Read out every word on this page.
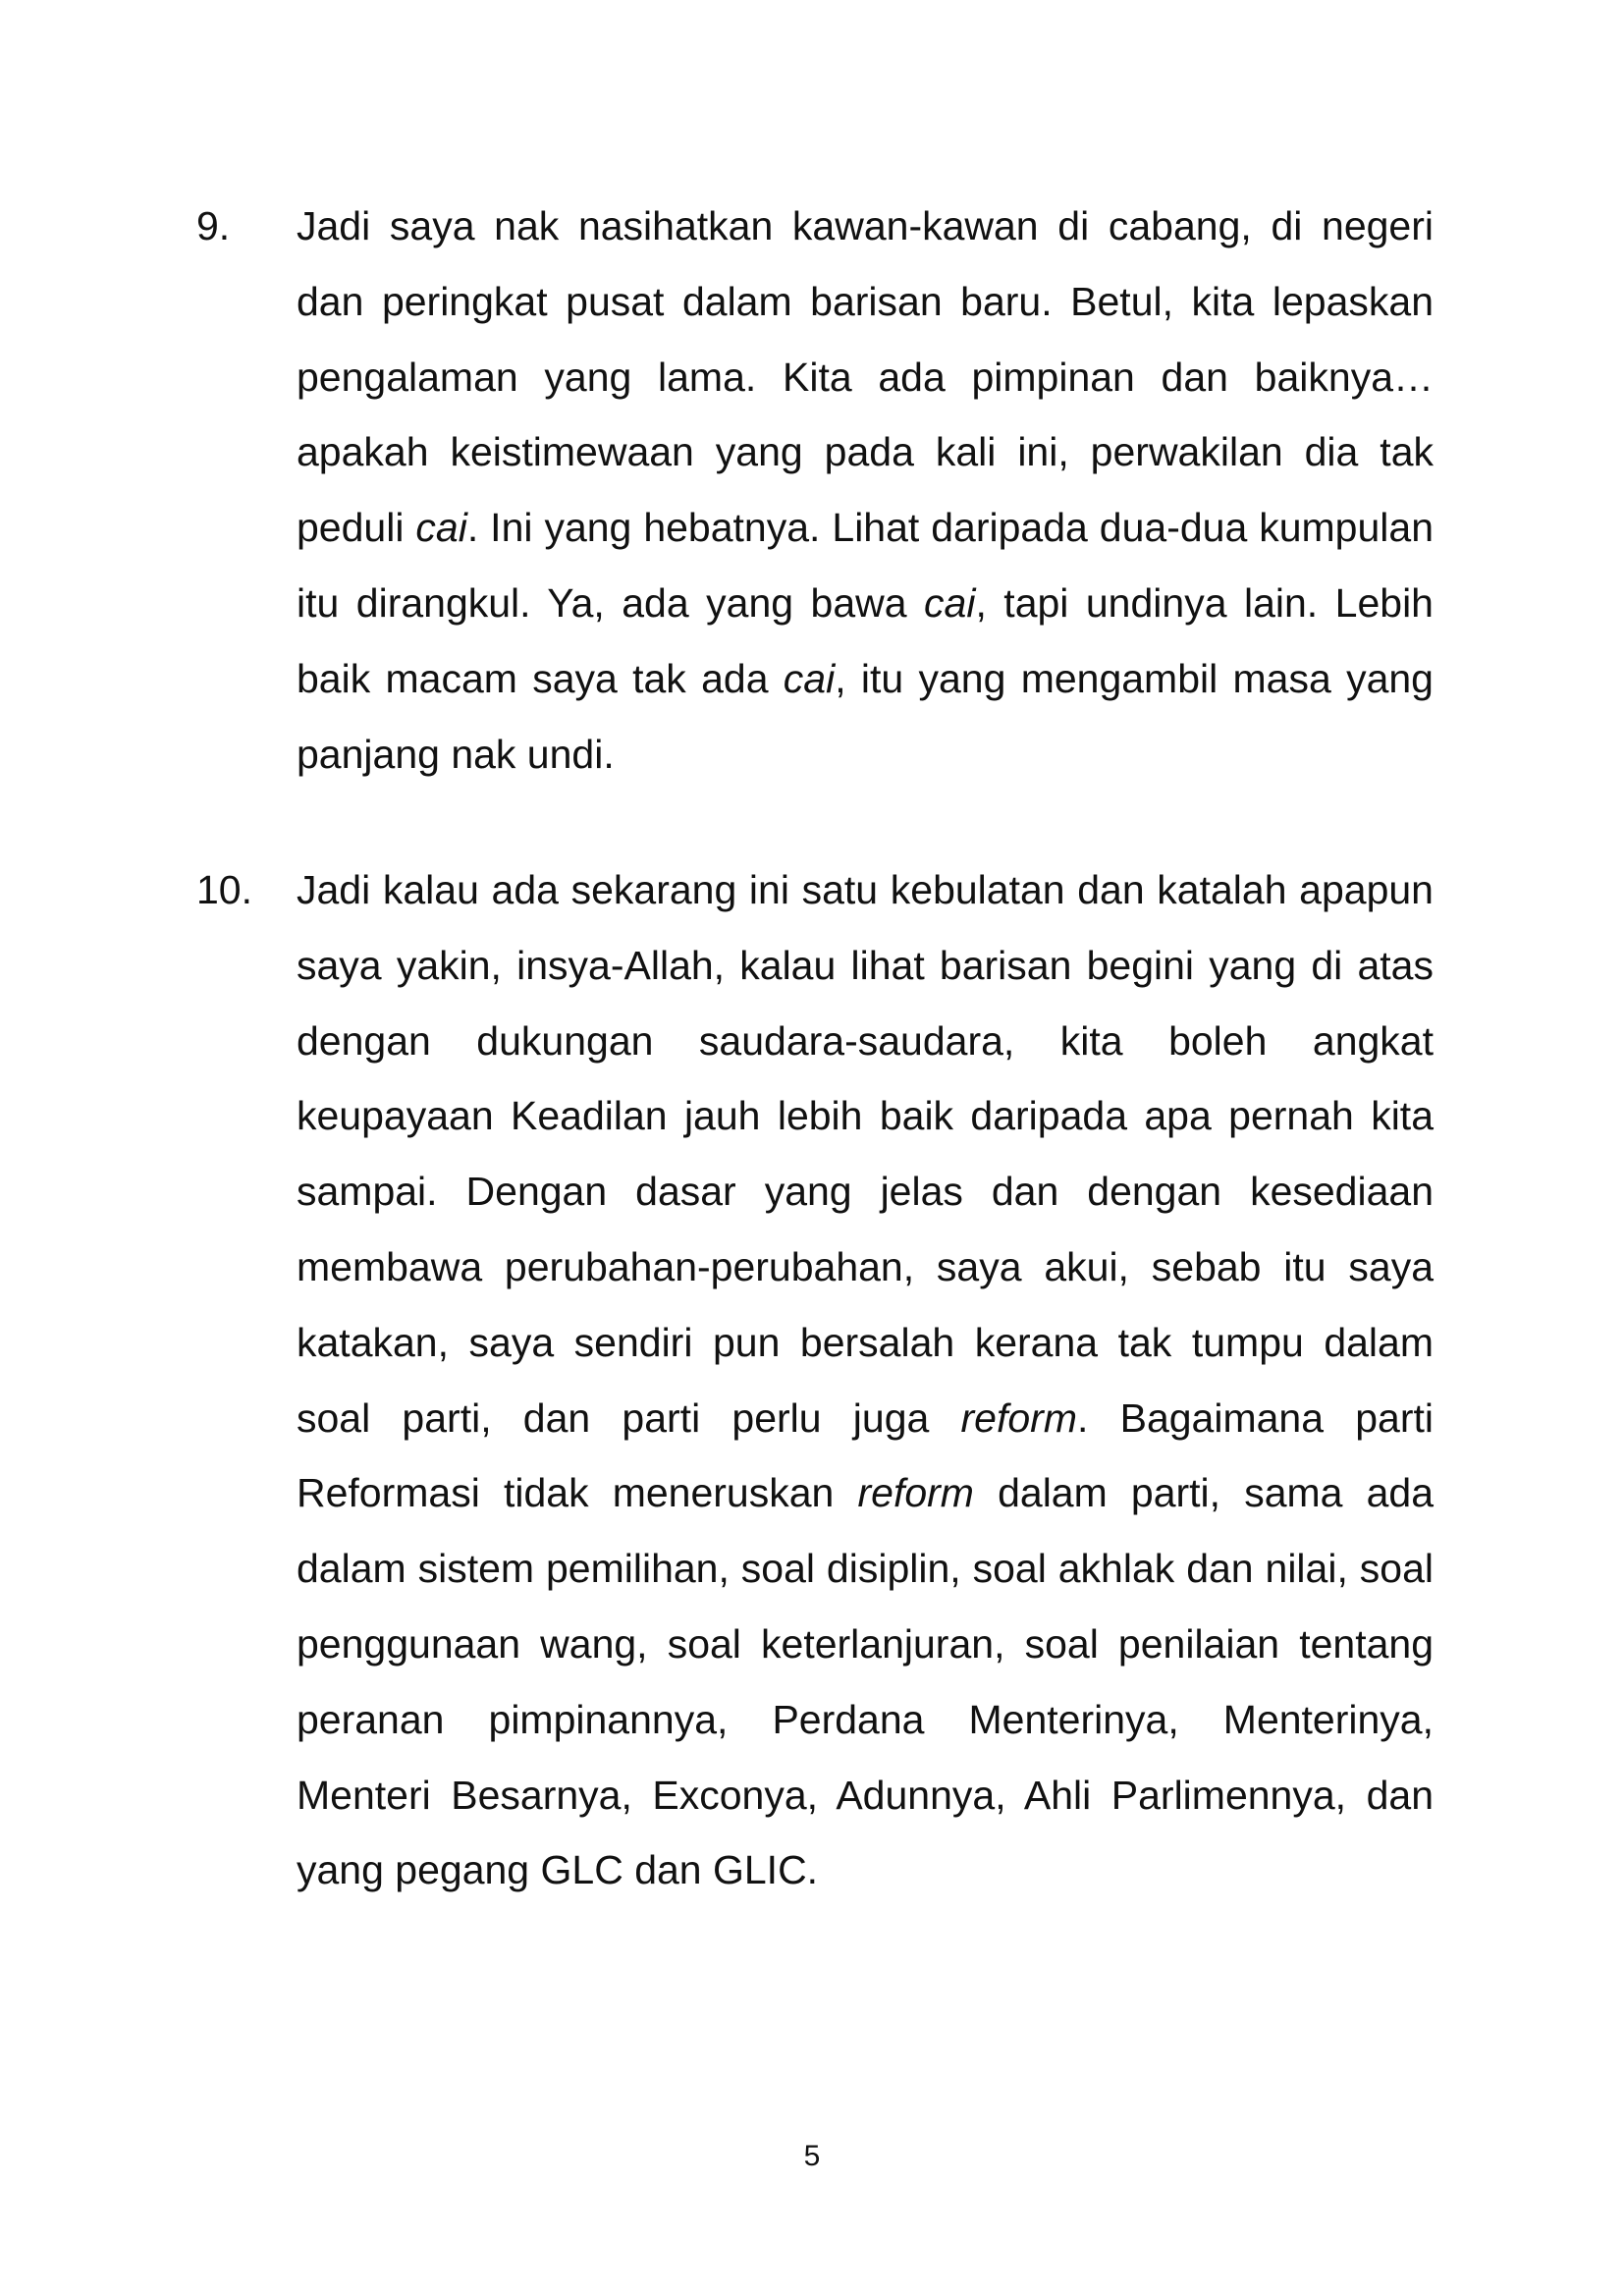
9. Jadi saya nak nasihatkan kawan-kawan di cabang, di negeri dan peringkat pusat dalam barisan baru. Betul, kita lepaskan pengalaman yang lama. Kita ada pimpinan dan baiknya… apakah keistimewaan yang pada kali ini, perwakilan dia tak peduli cai. Ini yang hebatnya. Lihat daripada dua-dua kumpulan itu dirangkul. Ya, ada yang bawa cai, tapi undinya lain. Lebih baik macam saya tak ada cai, itu yang mengambil masa yang panjang nak undi.

10. Jadi kalau ada sekarang ini satu kebulatan dan katalah apapun saya yakin, insya-Allah, kalau lihat barisan begini yang di atas dengan dukungan saudara-saudara, kita boleh angkat keupayaan Keadilan jauh lebih baik daripada apa pernah kita sampai. Dengan dasar yang jelas dan dengan kesediaan membawa perubahan-perubahan, saya akui, sebab itu saya katakan, saya sendiri pun bersalah kerana tak tumpu dalam soal parti, dan parti perlu juga reform. Bagaimana parti Reformasi tidak meneruskan reform dalam parti, sama ada dalam sistem pemilihan, soal disiplin, soal akhlak dan nilai, soal penggunaan wang, soal keterlanjuran, soal penilaian tentang peranan pimpinannya, Perdana Menterinya, Menterinya, Menteri Besarnya, Exconya, Adunnya, Ahli Parlimennya, dan yang pegang GLC dan GLIC.

5
